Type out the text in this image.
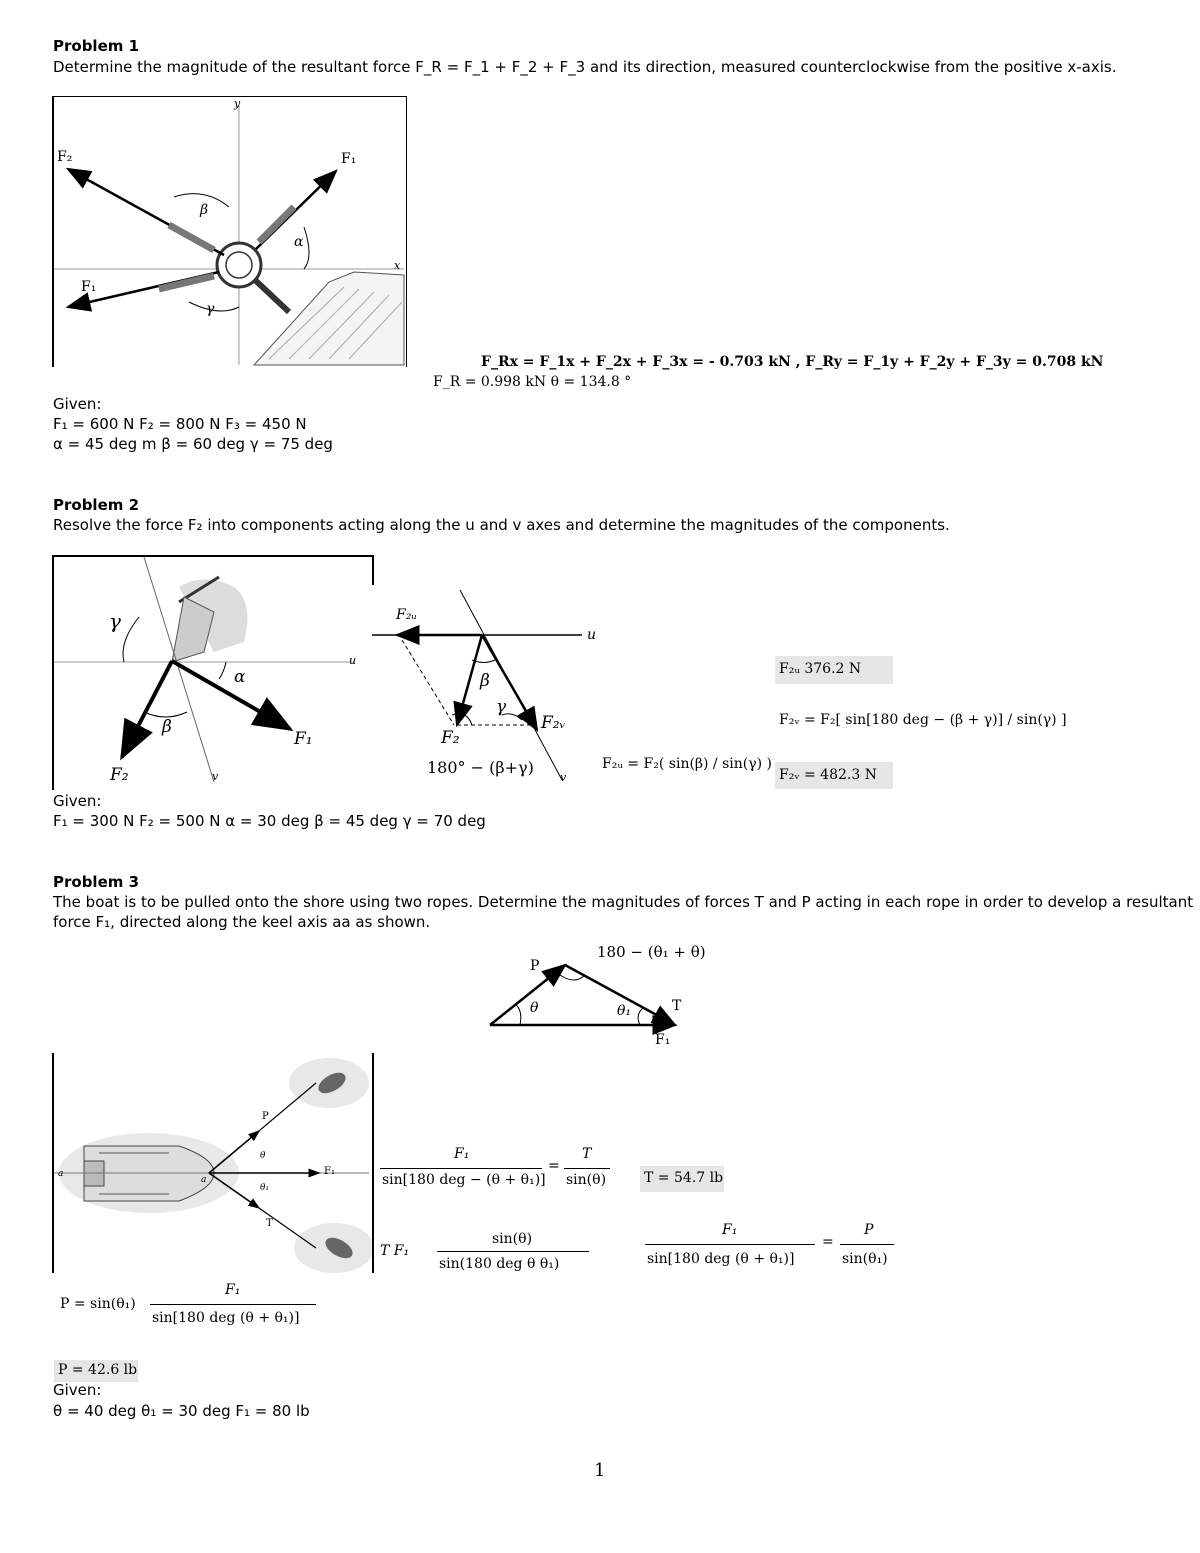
Problem 1
Determine the magnitude of the resultant force F_R = F_1 + F_2 + F_3 and its direction, measured counterclockwise from the positive x-axis.
F₂	F₁
F₁
β
α
γ
y
x
F_Rx = F_1x + F_2x + F_3x = - 0.703 kN , F_Ry = F_1y + F_2y + F_3y = 0.708 kN
F_R = 0.998 kN θ = 134.8 °
Given:
F₁ = 600 N F₂ = 800 N F₃ = 450 N
α = 45 deg m β = 60 deg γ = 75 deg
Problem 2
Resolve the force F₂ into components acting along the u and v axes and determine the magnitudes of the components.
γ
α
β
F₁
F₂
u
v
F₂ᵤ
u
β
γ
F₂ᵥ
F₂
180° − (β+γ)
v
F₂ᵤ 376.2 N
F₂ᵥ = F₂[ sin[180 deg − (β + γ)] / sin(γ) ]
F₂ᵤ = F₂( sin(β) / sin(γ) )
F₂ᵥ = 482.3 N
Given:
F₁ = 300 N F₂ = 500 N α = 30 deg β = 45 deg γ = 70 deg
Problem 3
The boat is to be pulled onto the shore using two ropes. Determine the magnitudes of forces T and P acting in each rope in order to develop a resultant
force F₁, directed along the keel axis aa as shown.
P
T
F₁
θ	θ₁
180 − (θ₁ + θ)
P
T
F₁
a
a
θ
θ₁
F₁
sin[180 deg − (θ + θ₁)]
=
T
sin(θ)	T = 54.7 lb
T F₁
sin(θ)
sin(180 deg θ θ₁)
F₁
sin[180 deg (θ + θ₁)]
=
P
sin(θ₁)
P = sin(θ₁)
F₁
sin[180 deg (θ + θ₁)]
P = 42.6 lb
Given:
θ = 40 deg θ₁ = 30 deg F₁ = 80 lb
1
